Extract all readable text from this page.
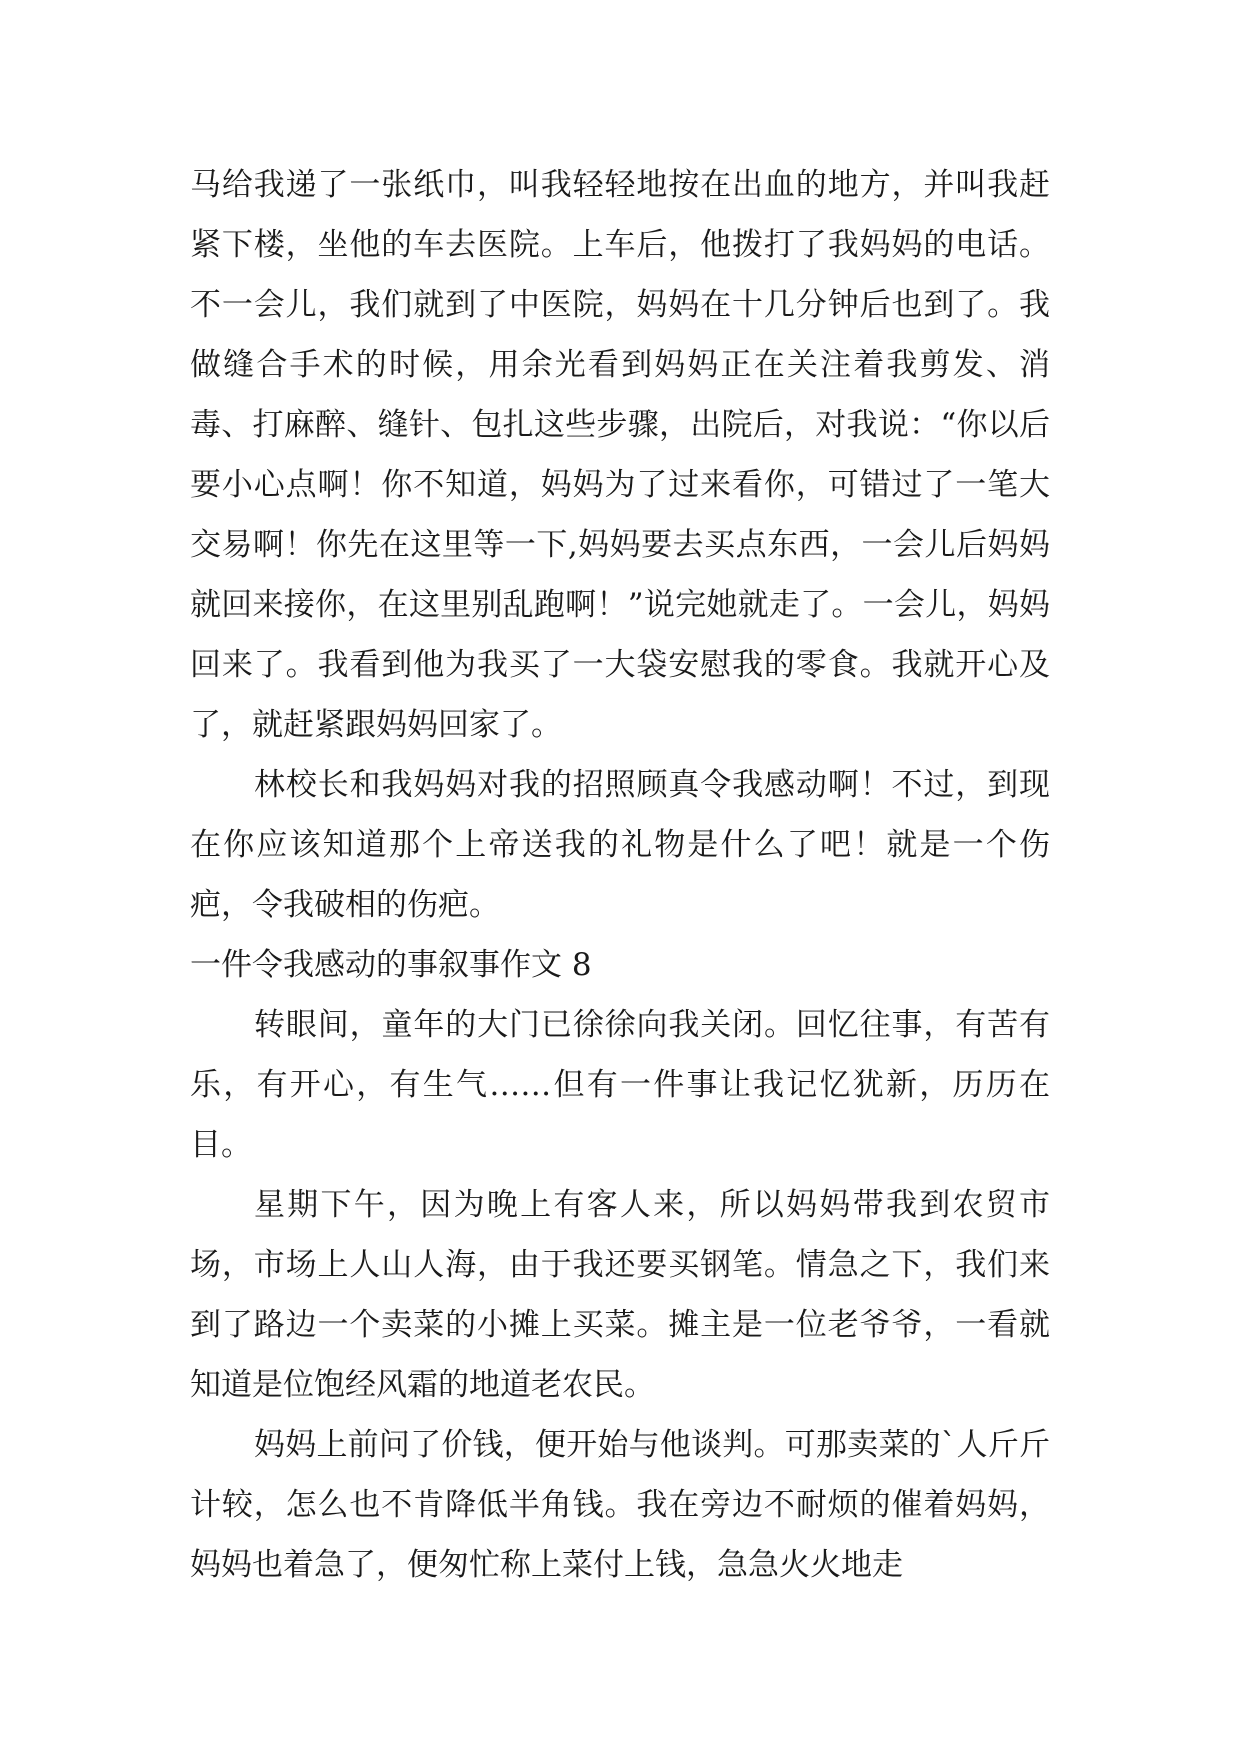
马给我递了一张纸巾，叫我轻轻地按在出血的地方，并叫我赶紧下楼，坐他的车去医院。上车后，他拨打了我妈妈的电话。不一会儿，我们就到了中医院，妈妈在十几分钟后也到了。我做缝合手术的时候，用余光看到妈妈正在关注着我剪发、消毒、打麻醉、缝针、包扎这些步骤，出院后，对我说：“你以后要小心点啊！你不知道，妈妈为了过来看你，可错过了一笔大交易啊！你先在这里等一下,妈妈要去买点东西，一会儿后妈妈就回来接你，在这里别乱跑啊！”说完她就走了。一会儿，妈妈回来了。我看到他为我买了一大袋安慰我的零食。我就开心及了，就赶紧跟妈妈回家了。

林校长和我妈妈对我的招照顾真令我感动啊！不过，到现在你应该知道那个上帝送我的礼物是什么了吧！就是一个伤疤，令我破相的伤疤。

一件令我感动的事叙事作文 8

转眼间，童年的大门已徐徐向我关闭。回忆往事，有苦有乐，有开心，有生气……但有一件事让我记忆犹新，历历在目。

星期下午，因为晚上有客人来，所以妈妈带我到农贸市场，市场上人山人海，由于我还要买钢笔。情急之下，我们来到了路边一个卖菜的小摊上买菜。摊主是一位老爷爷，一看就知道是位饱经风霜的地道老农民。

妈妈上前问了价钱，便开始与他谈判。可那卖菜的`人斤斤计较，怎么也不肯降低半角钱。我在旁边不耐烦的催着妈妈，妈妈也着急了，便匆忙称上菜付上钱，急急火火地走
